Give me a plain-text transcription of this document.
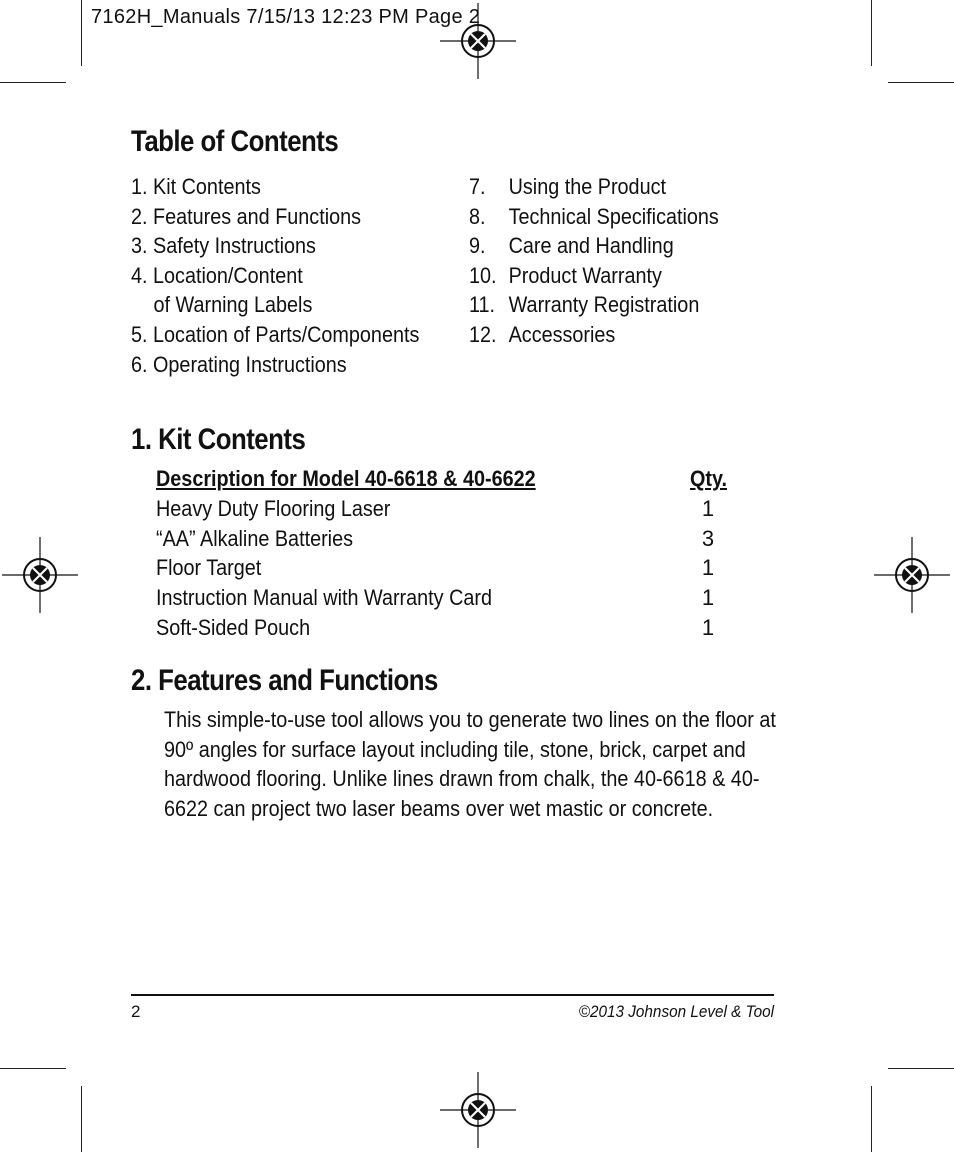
7162H_Manuals 7/15/13 12:23 PM Page 2
Table of Contents
1. Kit Contents
2. Features and Functions
3. Safety Instructions
4. Location/Content
of Warning Labels
5. Location of Parts/Components
6. Operating Instructions
7. Using the Product
8. Technical Specifications
9. Care and Handling
10. Product Warranty
11. Warranty Registration
12. Accessories
1. Kit Contents
Description for Model 40-6618 & 40-6622	Qty.
Heavy Duty Flooring Laser	1
“AA” Alkaline Batteries	3
Floor Target	1
Instruction Manual with Warranty Card	1
Soft-Sided Pouch	1
2. Features and Functions

This simple-to-use tool allows you to generate two lines on the floor at 90º angles for surface layout including tile, stone, brick, carpet and hardwood flooring. Unlike lines drawn from chalk, the 40-6618 & 40-6622 can project two laser beams over wet mastic or concrete.

2	©2013 Johnson Level & Tool
